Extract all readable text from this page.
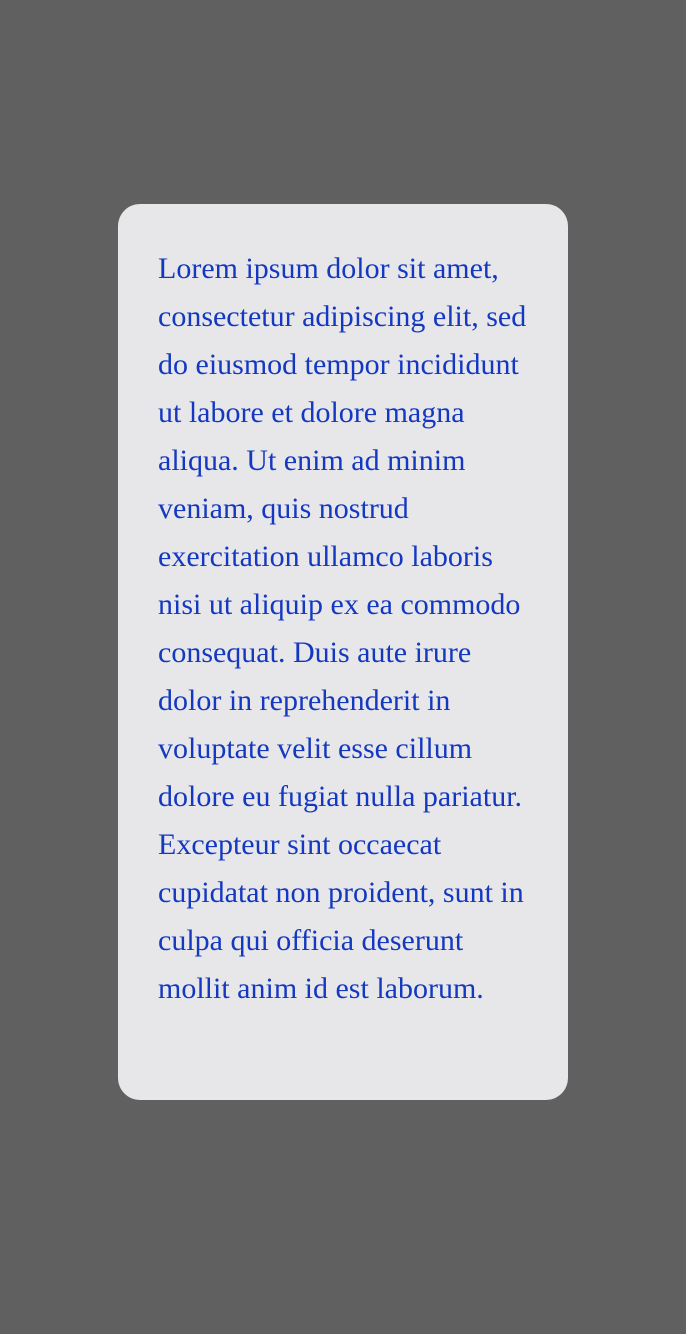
Lorem ipsum dolor sit amet, consectetur adipiscing elit, sed do eiusmod tempor incididunt ut labore et dolore magna aliqua. Ut enim ad minim veniam, quis nostrud exercitation ullamco laboris nisi ut aliquip ex ea commodo consequat. Duis aute irure dolor in reprehenderit in voluptate velit esse cillum dolore eu fugiat nulla pariatur. Excepteur sint occaecat cupidatat non proident, sunt in culpa qui officia deserunt mollit anim id est laborum.
